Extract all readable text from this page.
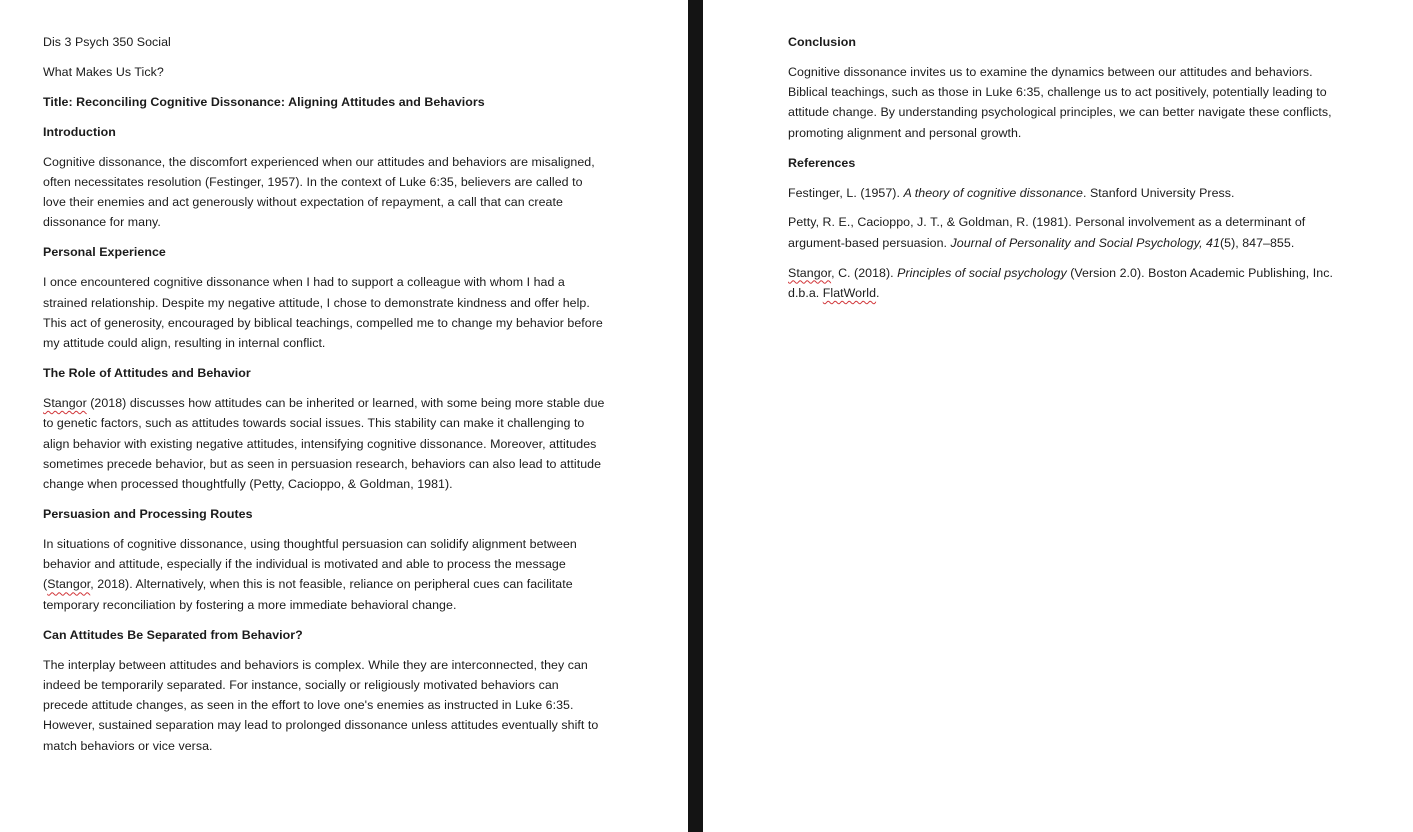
Dis 3 Psych 350 Social

What Makes Us Tick?

Title: Reconciling Cognitive Dissonance: Aligning Attitudes and Behaviors

Introduction

Cognitive dissonance, the discomfort experienced when our attitudes and behaviors are misaligned, often necessitates resolution (Festinger, 1957). In the context of Luke 6:35, believers are called to love their enemies and act generously without expectation of repayment, a call that can create dissonance for many.

Personal Experience

I once encountered cognitive dissonance when I had to support a colleague with whom I had a strained relationship. Despite my negative attitude, I chose to demonstrate kindness and offer help. This act of generosity, encouraged by biblical teachings, compelled me to change my behavior before my attitude could align, resulting in internal conflict.

The Role of Attitudes and Behavior

Stangor (2018) discusses how attitudes can be inherited or learned, with some being more stable due to genetic factors, such as attitudes towards social issues. This stability can make it challenging to align behavior with existing negative attitudes, intensifying cognitive dissonance. Moreover, attitudes sometimes precede behavior, but as seen in persuasion research, behaviors can also lead to attitude change when processed thoughtfully (Petty, Cacioppo, & Goldman, 1981).

Persuasion and Processing Routes

In situations of cognitive dissonance, using thoughtful persuasion can solidify alignment between behavior and attitude, especially if the individual is motivated and able to process the message (Stangor, 2018). Alternatively, when this is not feasible, reliance on peripheral cues can facilitate temporary reconciliation by fostering a more immediate behavioral change.

Can Attitudes Be Separated from Behavior?

The interplay between attitudes and behaviors is complex. While they are interconnected, they can indeed be temporarily separated. For instance, socially or religiously motivated behaviors can precede attitude changes, as seen in the effort to love one's enemies as instructed in Luke 6:35. However, sustained separation may lead to prolonged dissonance unless attitudes eventually shift to match behaviors or vice versa.

Conclusion

Cognitive dissonance invites us to examine the dynamics between our attitudes and behaviors. Biblical teachings, such as those in Luke 6:35, challenge us to act positively, potentially leading to attitude change. By understanding psychological principles, we can better navigate these conflicts, promoting alignment and personal growth.

References

Festinger, L. (1957). A theory of cognitive dissonance. Stanford University Press.

Petty, R. E., Cacioppo, J. T., & Goldman, R. (1981). Personal involvement as a determinant of argument-based persuasion. Journal of Personality and Social Psychology, 41(5), 847–855.

Stangor, C. (2018). Principles of social psychology (Version 2.0). Boston Academic Publishing, Inc. d.b.a. FlatWorld.
